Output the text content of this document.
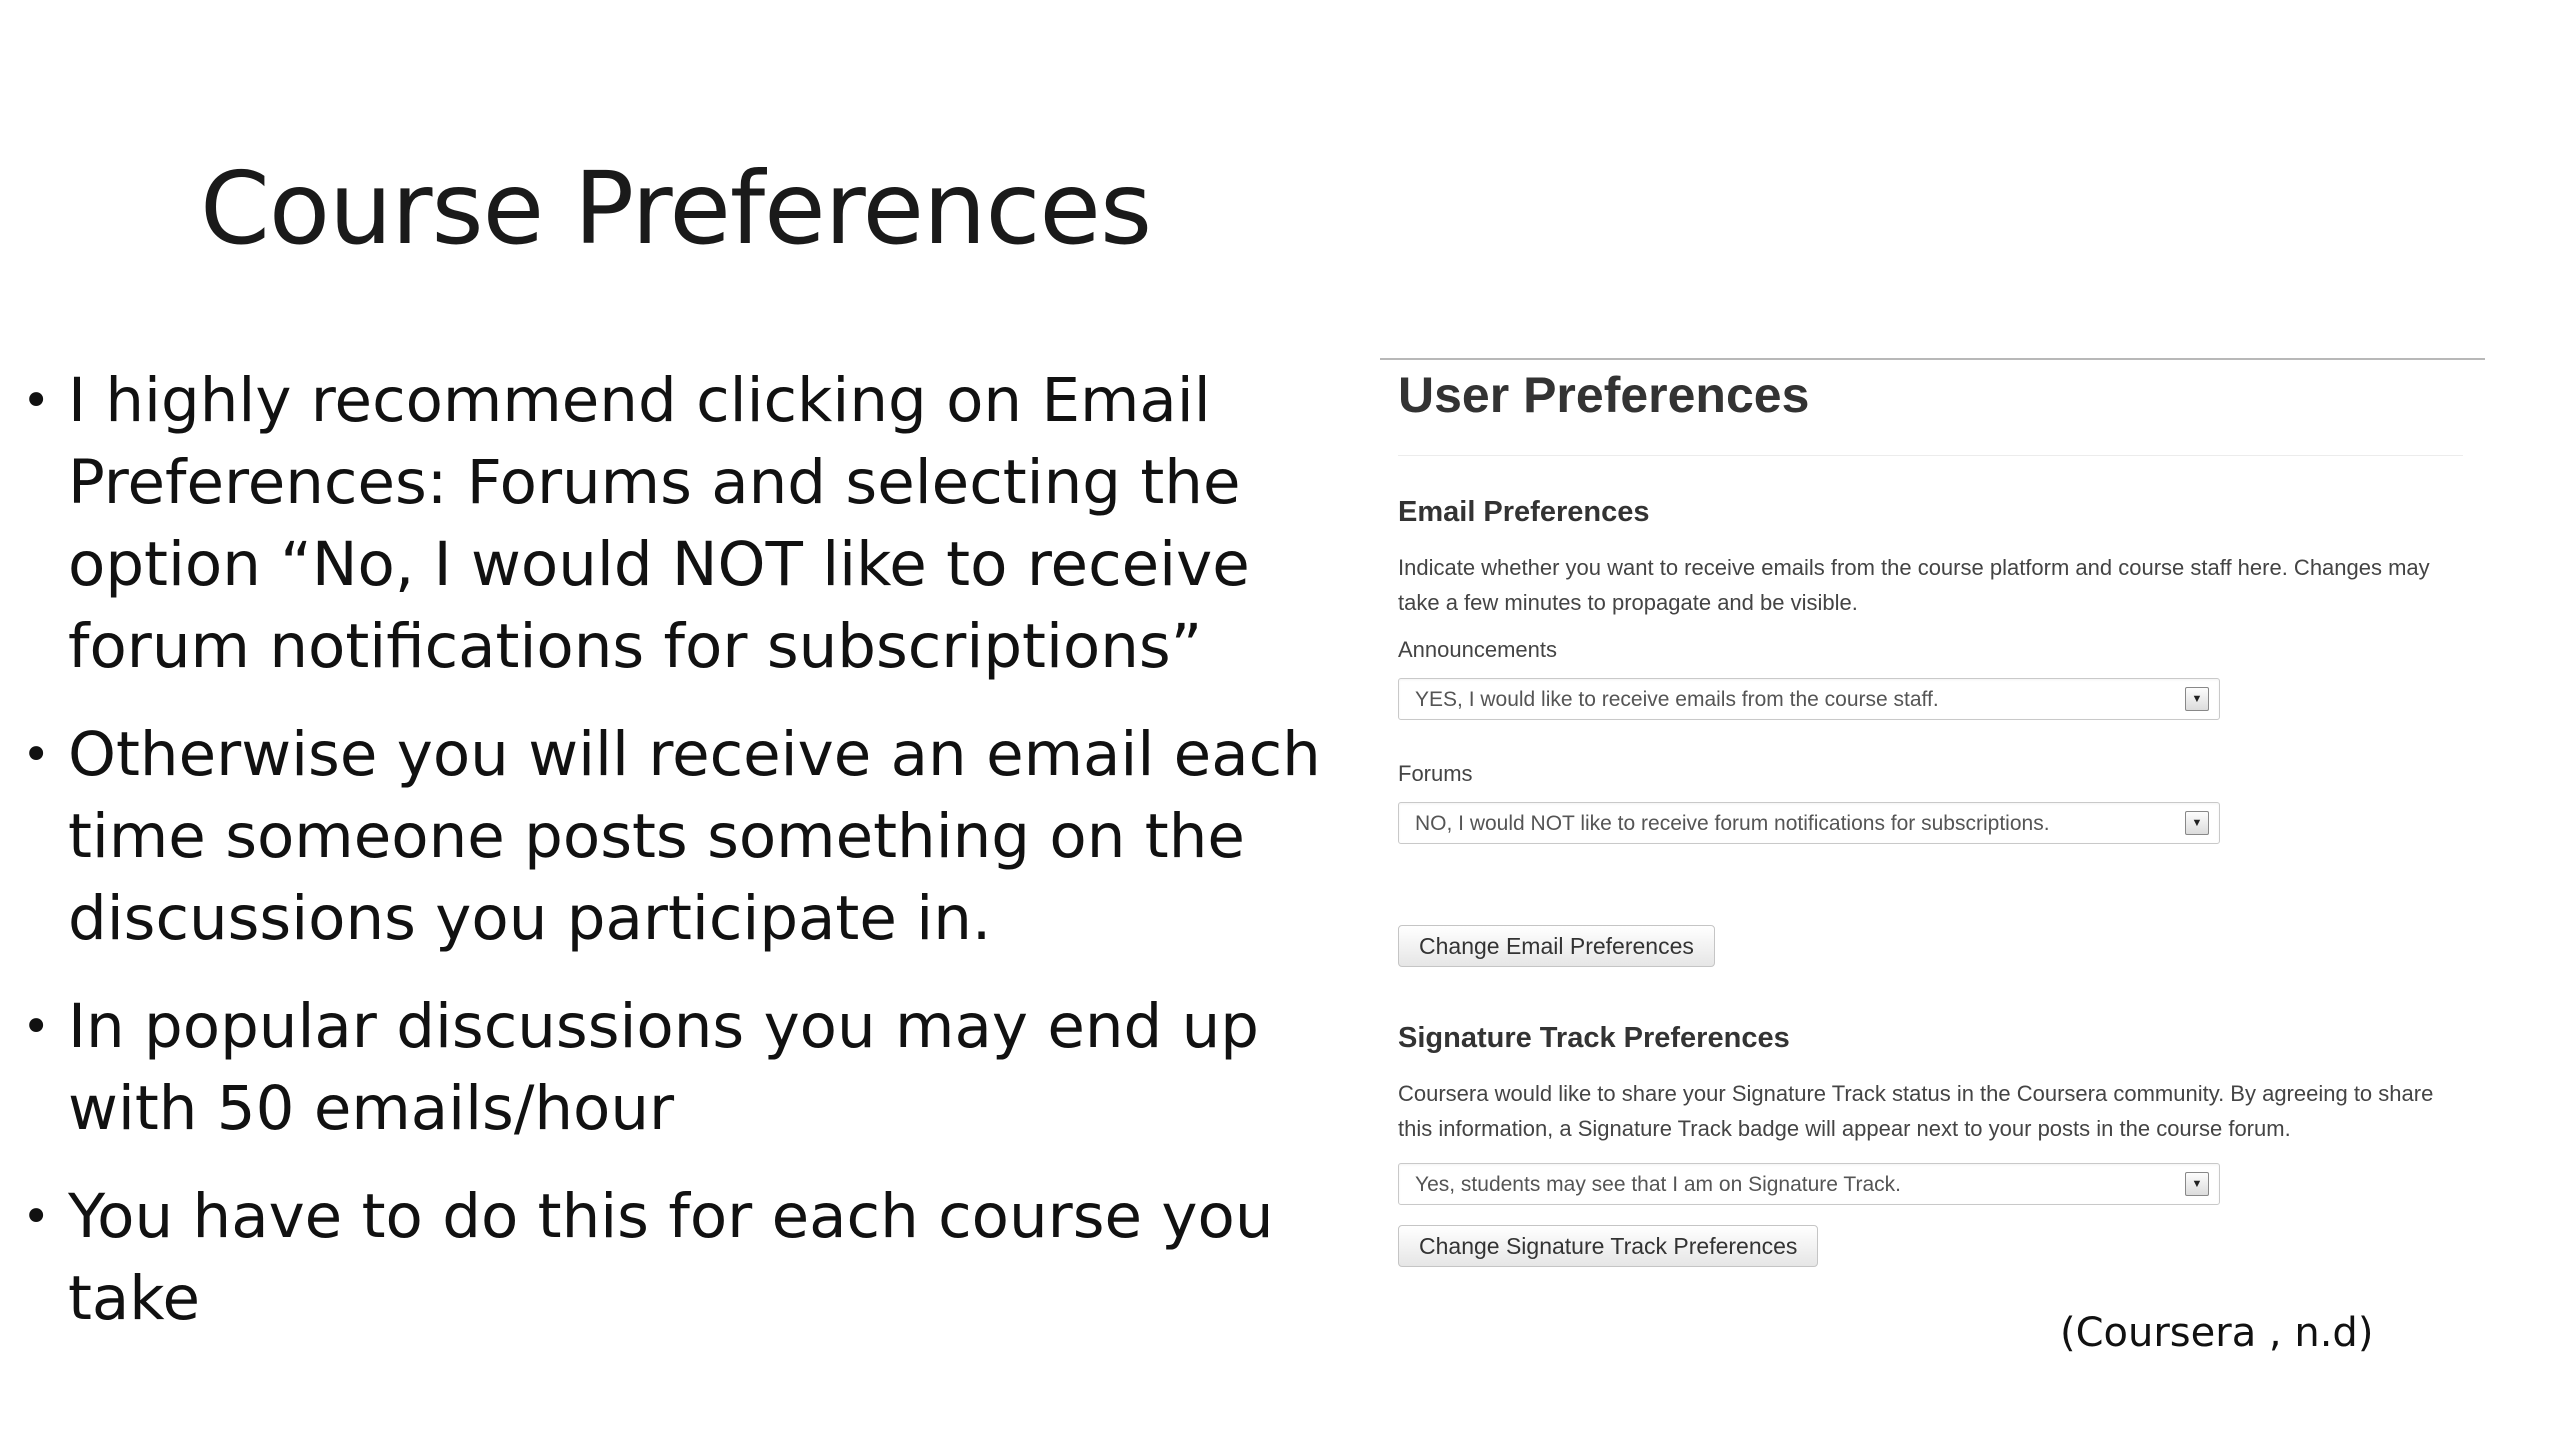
Course Preferences
• I highly recommend clicking on Email Preferences: Forums and selecting the option “No, I would NOT like to receive forum notifications for subscriptions”
• Otherwise you will receive an email each time someone posts something on the discussions you participate in.
• In popular discussions you may end up with 50 emails/hour
• You have to do this for each course you take
User Preferences
Email Preferences
Indicate whether you want to receive emails from the course platform and course staff here. Changes may take a few minutes to propagate and be visible.
Announcements
YES, I would like to receive emails from the course staff.	▼
Forums
NO, I would NOT like to receive forum notifications for subscriptions.	▼
Change Email Preferences
Signature Track Preferences
Coursera would like to share your Signature Track status in the Coursera community. By agreeing to share this information, a Signature Track badge will appear next to your posts in the course forum.
Yes, students may see that I am on Signature Track.	▼
Change Signature Track Preferences
(Coursera , n.d)
